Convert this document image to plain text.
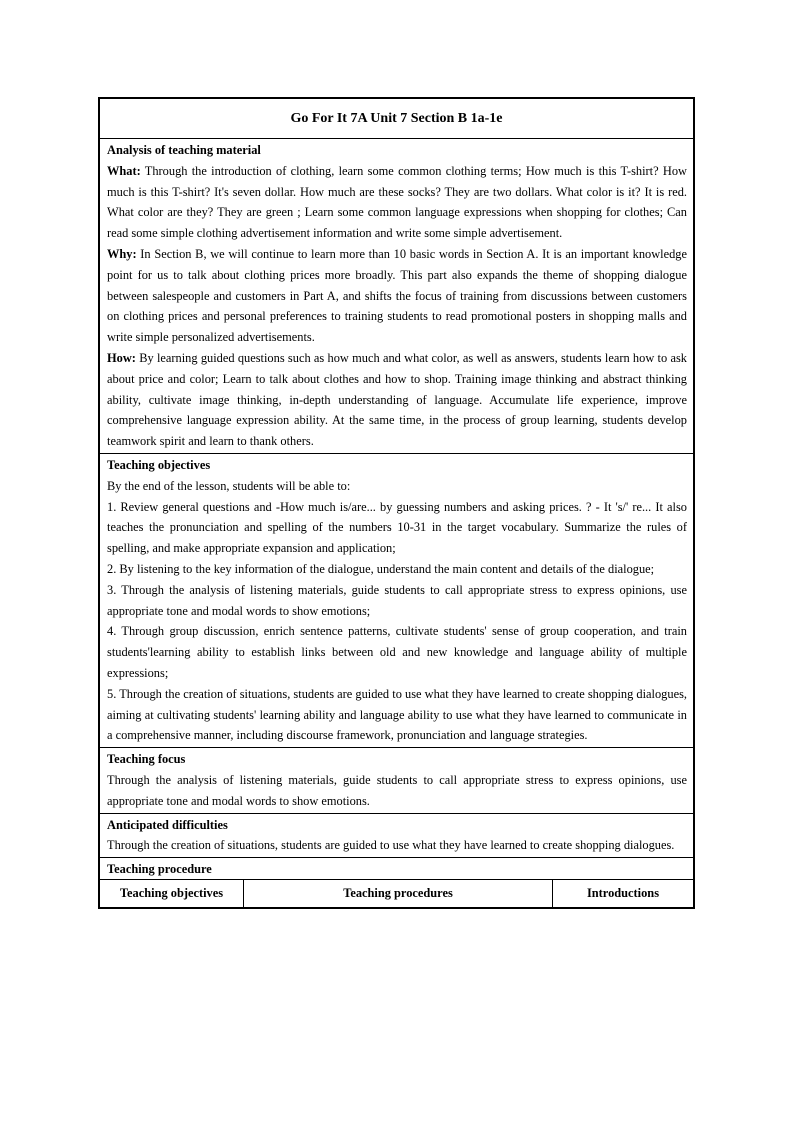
Go For It 7A Unit 7 Section B 1a-1e

Analysis of teaching material

What: Through the introduction of clothing, learn some common clothing terms; How much is this T-shirt? How much is this T-shirt? It's seven dollar. How much are these socks? They are two dollars. What color is it? It is red. What color are they? They are green ; Learn some common language expressions when shopping for clothes; Can read some simple clothing advertisement information and write some simple advertisement.

Why: In Section B, we will continue to learn more than 10 basic words in Section A. It is an important knowledge point for us to talk about clothing prices more broadly. This part also expands the theme of shopping dialogue between salespeople and customers in Part A, and shifts the focus of training from discussions between customers on clothing prices and personal preferences to training students to read promotional posters in shopping malls and write simple personalized advertisements.

How: By learning guided questions such as how much and what color, as well as answers, students learn how to ask about price and color; Learn to talk about clothes and how to shop. Training image thinking and abstract thinking ability, cultivate image thinking, in-depth understanding of language. Accumulate life experience, improve comprehensive language expression ability. At the same time, in the process of group learning, students develop teamwork spirit and learn to thank others.

Teaching objectives

By the end of the lesson, students will be able to:

1. Review general questions and -How much is/are... by guessing numbers and asking prices. ? - It 's/' re... It also teaches the pronunciation and spelling of the numbers 10-31 in the target vocabulary. Summarize the rules of spelling, and make appropriate expansion and application;

2. By listening to the key information of the dialogue, understand the main content and details of the dialogue;

3. Through the analysis of listening materials, guide students to call appropriate stress to express opinions, use appropriate tone and modal words to show emotions;

4. Through group discussion, enrich sentence patterns, cultivate students' sense of group cooperation, and train students'learning ability to establish links between old and new knowledge and language ability of multiple expressions;

5. Through the creation of situations, students are guided to use what they have learned to create shopping dialogues, aiming at cultivating students' learning ability and language ability to use what they have learned to communicate in a comprehensive manner, including discourse framework, pronunciation and language strategies.

Teaching focus

Through the analysis of listening materials, guide students to call appropriate stress to express opinions, use appropriate tone and modal words to show emotions.

Anticipated difficulties

Through the creation of situations, students are guided to use what they have learned to create shopping dialogues.

Teaching procedure
Teaching objectives	Teaching procedures	Introductions
